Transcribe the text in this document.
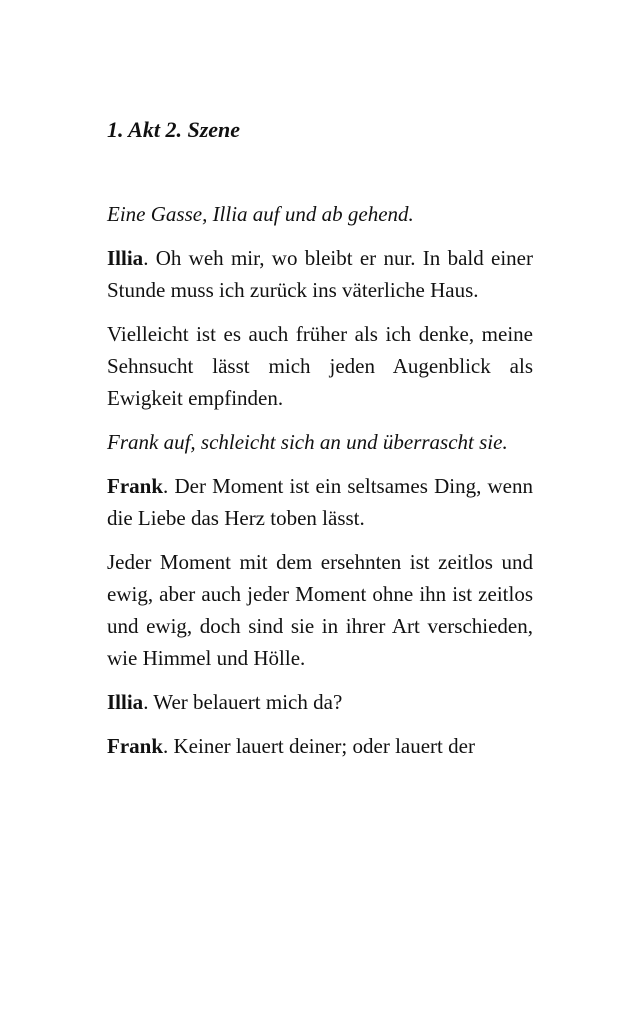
1. Akt 2. Szene

Eine Gasse, Illia auf und ab gehend.

Illia. Oh weh mir, wo bleibt er nur. In bald einer Stunde muss ich zurück ins väterliche Haus.

Vielleicht ist es auch früher als ich denke, meine Sehnsucht lässt mich jeden Augenblick als Ewigkeit empfinden.

Frank auf, schleicht sich an und überrascht sie.

Frank. Der Moment ist ein seltsames Ding, wenn die Liebe das Herz toben lässt.

Jeder Moment mit dem ersehnten ist zeitlos und ewig, aber auch jeder Moment ohne ihn ist zeitlos und ewig, doch sind sie in ihrer Art verschieden, wie Himmel und Hölle.

Illia. Wer belauert mich da?

Frank. Keiner lauert deiner; oder lauert der
